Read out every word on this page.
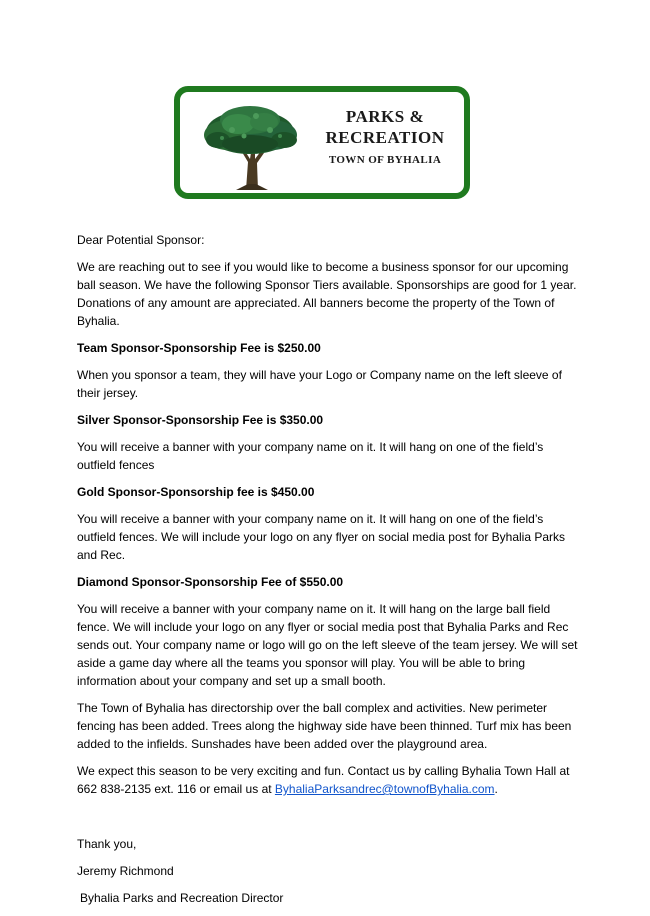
PARKS &
RECREATION
TOWN OF BYHALIA

Dear Potential Sponsor:

We are reaching out to see if you would like to become a business sponsor for our upcoming ball season. We have the following Sponsor Tiers available. Sponsorships are good for 1 year. Donations of any amount are appreciated. All banners become the property of the Town of Byhalia.

Team Sponsor-Sponsorship Fee is $250.00

When you sponsor a team, they will have your Logo or Company name on the left sleeve of their jersey.

Silver Sponsor-Sponsorship Fee is $350.00

You will receive a banner with your company name on it. It will hang on one of the field’s outfield fences

Gold Sponsor-Sponsorship fee is $450.00

You will receive a banner with your company name on it. It will hang on one of the field’s outfield fences. We will include your logo on any flyer on social media post for Byhalia Parks and Rec.

Diamond Sponsor-Sponsorship Fee of $550.00

You will receive a banner with your company name on it. It will hang on the large ball field fence. We will include your logo on any flyer or social media post that Byhalia Parks and Rec sends out. Your company name or logo will go on the left sleeve of the team jersey. We will set aside a game day where all the teams you sponsor will play. You will be able to bring information about your company and set up a small booth.

The Town of Byhalia has directorship over the ball complex and activities. New perimeter fencing has been added. Trees along the highway side have been thinned. Turf mix has been added to the infields. Sunshades have been added over the playground area.

We expect this season to be very exciting and fun. Contact us by calling Byhalia Town Hall at 662 838-2135 ext. 116 or email us at ByhaliaParksandrec@townofByhalia.com.

Thank you,

Jeremy Richmond

Byhalia Parks and Recreation Director
